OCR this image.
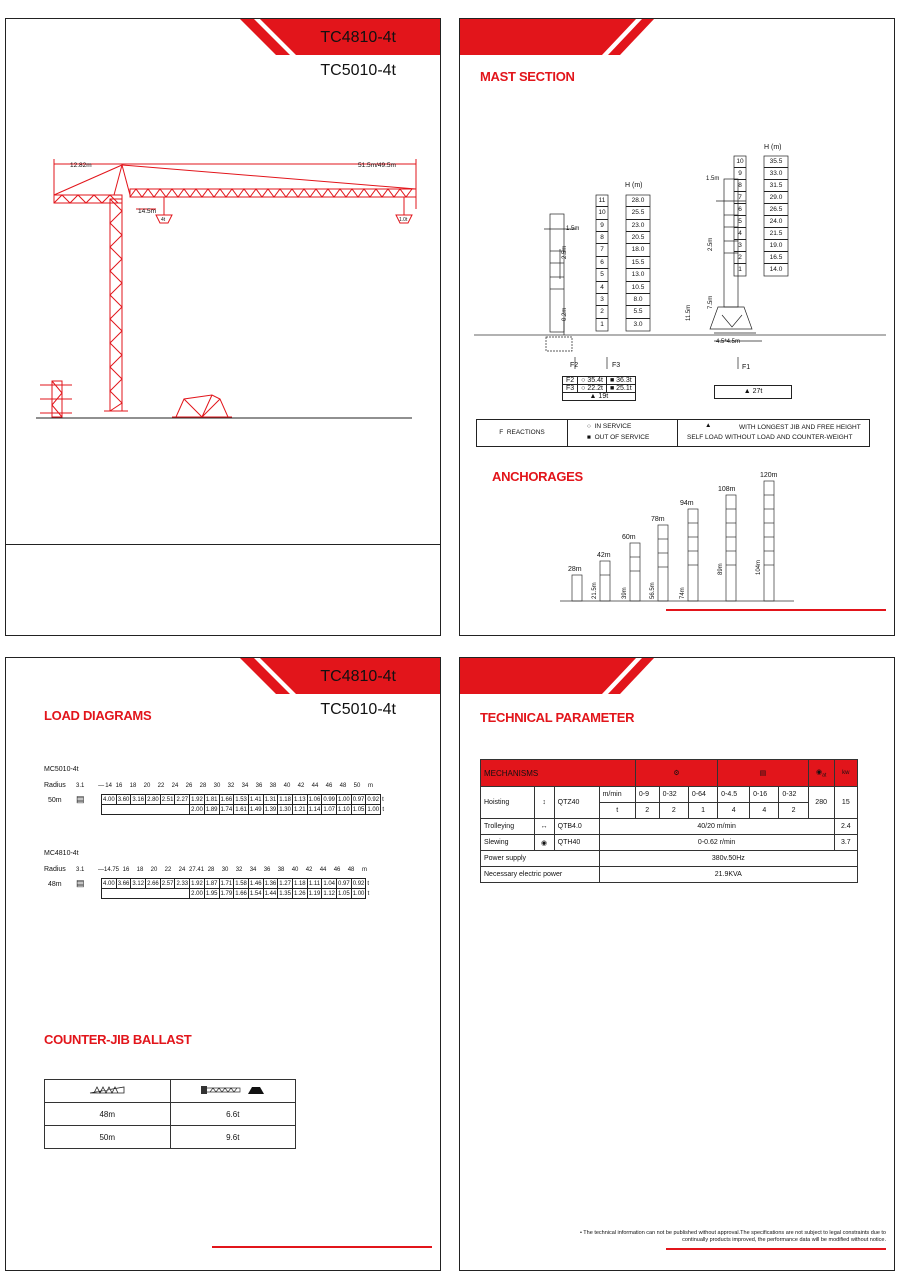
TC4810-4t
TC5010-4t
12.82m	51.5m/49.5m
14.5m
4t	1.0t
MAST SECTION
H (m)
1.5m
2.5m
0.2m
F2	F3
H (m)
1.5m
2.5m
7.5m
11.5m
4.5*4.5m
F1
11
10
9
8
7
6
5
4
3
2
1
28.0
25.5
23.0
20.5
18.0
15.5
13.0
10.5
8.0
5.5
3.0
10
9
8
7
6
5
4
3
2
1
35.5
33.0
31.5
29.0
26.5
24.0
21.5
19.0
16.5
14.0
F2	○ 35.4t	■ 36.3t
F3	○ 22.2t	■ 25.1t
▲ 19t		
▲ 27t
F  REACTIONS
○ IN SERVICE
■ OUT OF SERVICE
▲
SELF LOAD
WITH LONGEST JIB AND FREE HEIGHT
WITHOUT LOAD AND COUNTER-WEIGHT
ANCHORAGES
28m
42m
60m
78m
94m
108m
120m
21.5m	39m	56.5m	74m
89m	104m
TC4810-4t
TC5010-4t
LOAD DIAGRAMS
MC5010-4t
Radius 3.1 — 14 16 18 20 22 24 26 28 30 32 34 36 38 40 42 44 46 48 50 m
50m ▤	4.00	3.60	3.16	2.80	2.51	2.27	1.92	1.81	1.66	1.53	1.41	1.31	1.18	1.13	1.06	0.99	1.00	0.97	0.92	t
						2.00	1.89	1.74	1.61	1.49	1.39	1.30	1.21	1.14	1.07	1.10	1.05	1.00	t
MC4810-4t
Radius 3.1 —14.75 16 18 20 22 24 27.41 28 30 32 34 36 38 40 42 44 46 48 m
48m ▤	4.00	3.66	3.12	2.66	2.57	2.33	1.92	1.87	1.71	1.58	1.46	1.36	1.27	1.18	1.11	1.04	0.97	0.92	t
						2.00	1.95	1.79	1.66	1.54	1.44	1.35	1.26	1.19	1.12	1.05	1.00	t
COUNTER-JIB BALLAST

48m	6.6t
50m	9.6t
TECHNICAL PARAMETER
MECHANISMS				⚙			▤			$◉_{at}$	kw
Hoisting	↕	QTZ40	m/min	0-9	0-32	0-64	0-4.5	0-16	0-32	280	15
			t	2	2	1	4	4	2		
Trolleying	↔	QTB4.0	40/20 m/min								2.4
Slewing	◉	QTH40	0-0.62 r/min								3.7
Power supply			380v.50Hz								
Necessary electric power			21.9KVA								
• The technical information can not be published without approval.The specifications are not subject to legal constraints due to continually products improved, the performance data will be modified without notice.
